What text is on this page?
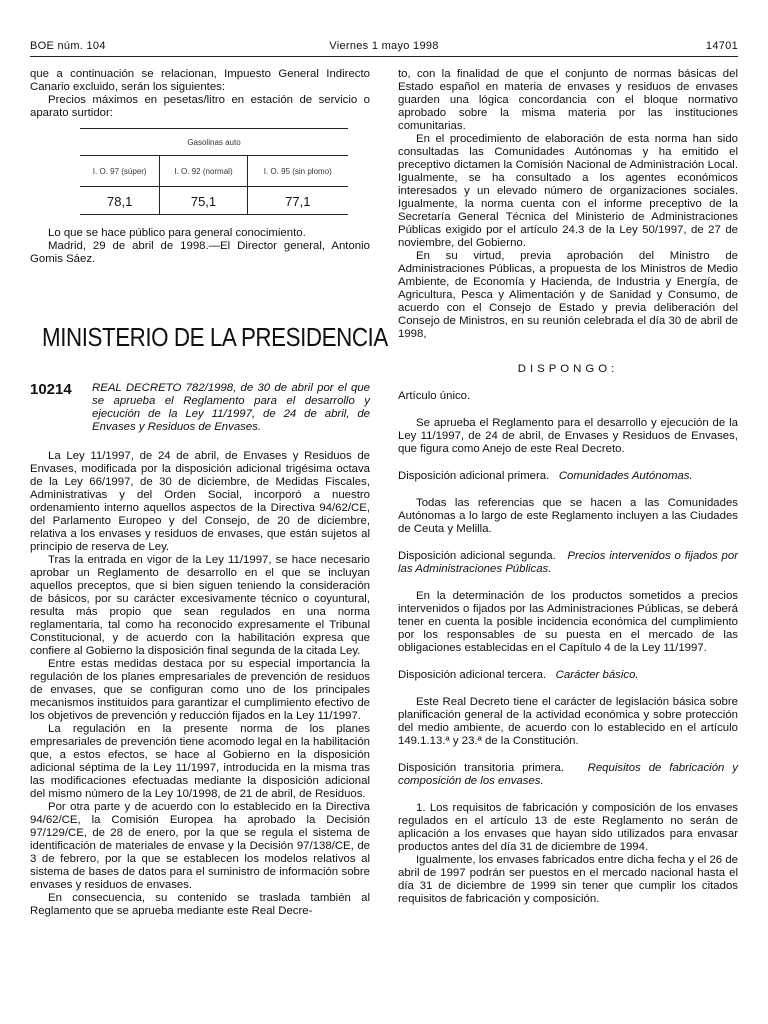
BOE núm. 104	Viernes 1 mayo 1998	14701

que a continuación se relacionan, Impuesto General Indirecto Canario excluido, serán los siguientes:

Precios máximos en pesetas/litro en estación de servicio o aparato surtidor:

Gasolinas auto		
I. O. 97 (súper)	I. O. 92 (normal)	I. O. 95 (sin plomo)
78,1	75,1	77,1

Lo que se hace público para general conocimiento.

Madrid, 29 de abril de 1998.—El Director general, Antonio Gomis Sáez.

MINISTERIO DE LA PRESIDENCIA
10214	REAL DECRETO 782/1998, de 30 de abril por el que se aprueba el Reglamento para el desarrollo y ejecución de la Ley 11/1997, de 24 de abril, de Envases y Residuos de Envases.

La Ley 11/1997, de 24 de abril, de Envases y Residuos de Envases, modificada por la disposición adicional trigésima octava de la Ley 66/1997, de 30 de diciembre, de Medidas Fiscales, Administrativas y del Orden Social, incorporó a nuestro ordenamiento interno aquellos aspectos de la Directiva 94/62/CE, del Parlamento Europeo y del Consejo, de 20 de diciembre, relativa a los envases y residuos de envases, que están sujetos al principio de reserva de Ley.

Tras la entrada en vigor de la Ley 11/1997, se hace necesario aprobar un Reglamento de desarrollo en el que se incluyan aquellos preceptos, que si bien siguen teniendo la consideración de básicos, por su carácter excesivamente técnico o coyuntural, resulta más propio que sean regulados en una norma reglamentaria, tal como ha reconocido expresamente el Tribunal Constitucional, y de acuerdo con la habilitación expresa que confiere al Gobierno la disposición final segunda de la citada Ley.

Entre estas medidas destaca por su especial importancia la regulación de los planes empresariales de prevención de residuos de envases, que se configuran como uno de los principales mecanismos instituidos para garantizar el cumplimiento efectivo de los objetivos de prevención y reducción fijados en la Ley 11/1997.

La regulación en la presente norma de los planes empresariales de prevención tiene acomodo legal en la habilitación que, a estos efectos, se hace al Gobierno en la disposición adicional séptima de la Ley 11/1997, introducida en la misma tras las modificaciones efectuadas mediante la disposición adicional del mismo número de la Ley 10/1998, de 21 de abril, de Residuos.

Por otra parte y de acuerdo con lo establecido en la Directiva 94/62/CE, la Comisión Europea ha aprobado la Decisión 97/129/CE, de 28 de enero, por la que se regula el sistema de identificación de materiales de envase y la Decisión 97/138/CE, de 3 de febrero, por la que se establecen los modelos relativos al sistema de bases de datos para el suministro de información sobre envases y residuos de envases.

En consecuencia, su contenido se traslada también al Reglamento que se aprueba mediante este Real Decre-

to, con la finalidad de que el conjunto de normas básicas del Estado español en materia de envases y residuos de envases guarden una lógica concordancia con el bloque normativo aprobado sobre la misma materia por las instituciones comunitarias.

En el procedimiento de elaboración de esta norma han sido consultadas las Comunidades Autónomas y ha emitido el preceptivo dictamen la Comisión Nacional de Administración Local. Igualmente, se ha consultado a los agentes económicos interesados y un elevado número de organizaciones sociales. Igualmente, la norma cuenta con el informe preceptivo de la Secretaría General Técnica del Ministerio de Administraciones Públicas exigido por el artículo 24.3 de la Ley 50/1997, de 27 de noviembre, del Gobierno.

En su virtud, previa aprobación del Ministro de Administraciones Públicas, a propuesta de los Ministros de Medio Ambiente, de Economía y Hacienda, de Industria y Energía, de Agricultura, Pesca y Alimentación y de Sanidad y Consumo, de acuerdo con el Consejo de Estado y previa deliberación del Consejo de Ministros, en su reunión celebrada el día 30 de abril de 1998,

DISPONGO:

Artículo único.

Se aprueba el Reglamento para el desarrollo y ejecución de la Ley 11/1997, de 24 de abril, de Envases y Residuos de Envases, que figura como Anejo de este Real Decreto.

Disposición adicional primera. Comunidades Autónomas.

Todas las referencias que se hacen a las Comunidades Autónomas a lo largo de este Reglamento incluyen a las Ciudades de Ceuta y Melilla.

Disposición adicional segunda. Precios intervenidos o fijados por las Administraciones Públicas.

En la determinación de los productos sometidos a precios intervenidos o fijados por las Administraciones Públicas, se deberá tener en cuenta la posible incidencia económica del cumplimiento por los responsables de su puesta en el mercado de las obligaciones establecidas en el Capítulo 4 de la Ley 11/1997.

Disposición adicional tercera. Carácter básico.

Este Real Decreto tiene el carácter de legislación básica sobre planificación general de la actividad económica y sobre protección del medio ambiente, de acuerdo con lo establecido en el artículo 149.1.13.ª y 23.ª de la Constitución.

Disposición transitoria primera. Requisitos de fabricación y composición de los envases.

1. Los requisitos de fabricación y composición de los envases regulados en el artículo 13 de este Reglamento no serán de aplicación a los envases que hayan sido utilizados para envasar productos antes del día 31 de diciembre de 1994.

Igualmente, los envases fabricados entre dicha fecha y el 26 de abril de 1997 podrán ser puestos en el mercado nacional hasta el día 31 de diciembre de 1999 sin tener que cumplir los citados requisitos de fabricación y composición.
